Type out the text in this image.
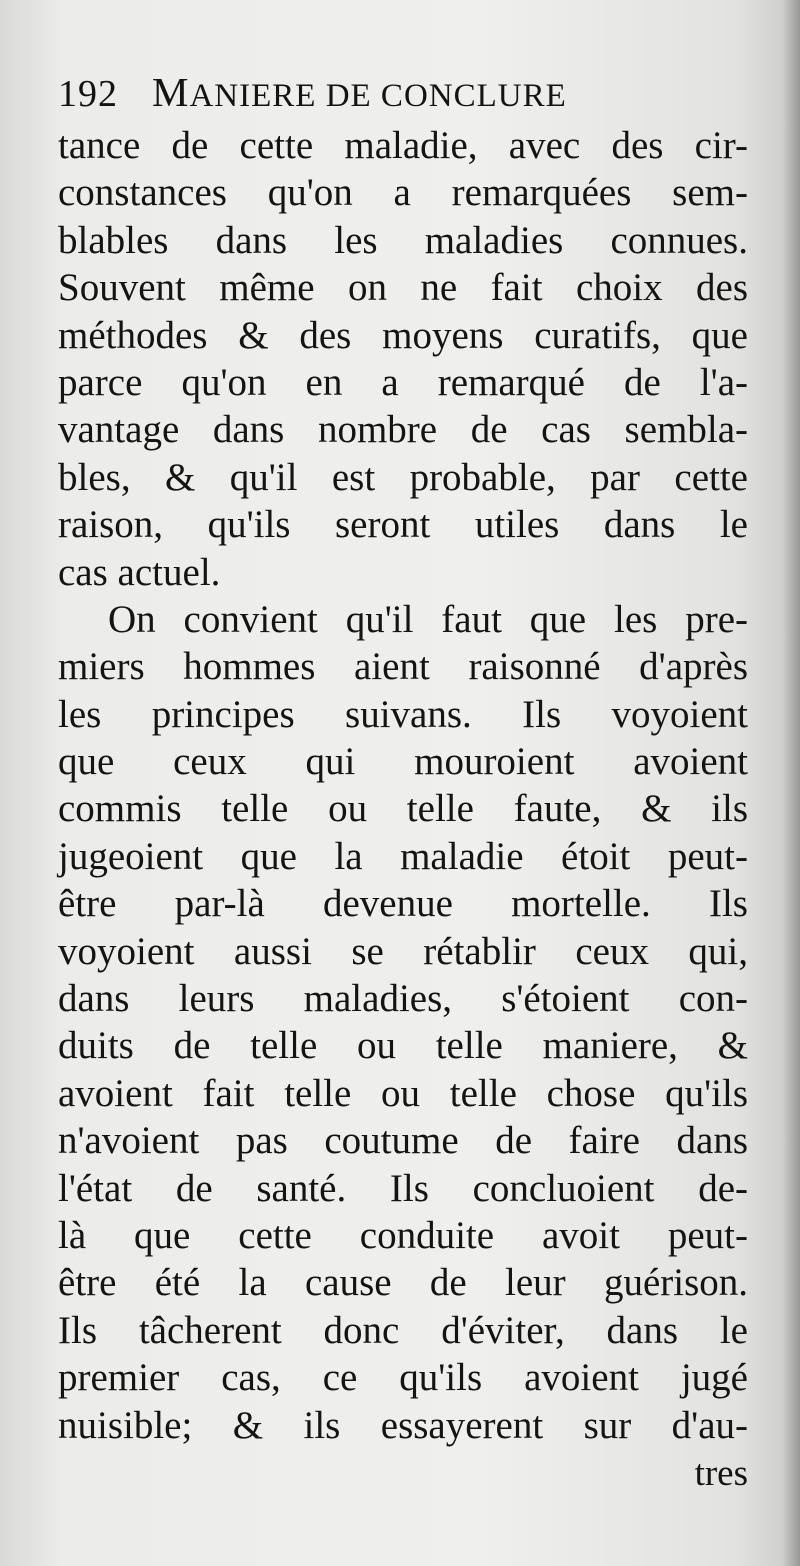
192 MANIERE DE CONCLURE
tance de cette maladie, avec des cir-
constances qu'on a remarquées sem-
blables dans les maladies connues.
Souvent même on ne fait choix des
méthodes & des moyens curatifs, que
parce qu'on en a remarqué de l'a-
vantage dans nombre de cas sembla-
bles, & qu'il est probable, par cette
raison, qu'ils seront utiles dans le
cas actuel.
On convient qu'il faut que les pre-
miers hommes aient raisonné d'après
les principes suivans. Ils voyoient
que ceux qui mouroient avoient
commis telle ou telle faute, & ils
jugeoient que la maladie étoit peut-
être par-là devenue mortelle. Ils
voyoient aussi se rétablir ceux qui,
dans leurs maladies, s'étoient con-
duits de telle ou telle maniere, &
avoient fait telle ou telle chose qu'ils
n'avoient pas coutume de faire dans
l'état de santé. Ils concluoient de-
là que cette conduite avoit peut-
être été la cause de leur guérison.
Ils tâcherent donc d'éviter, dans le
premier cas, ce qu'ils avoient jugé
nuisible; & ils essayerent sur d'au-
tres
